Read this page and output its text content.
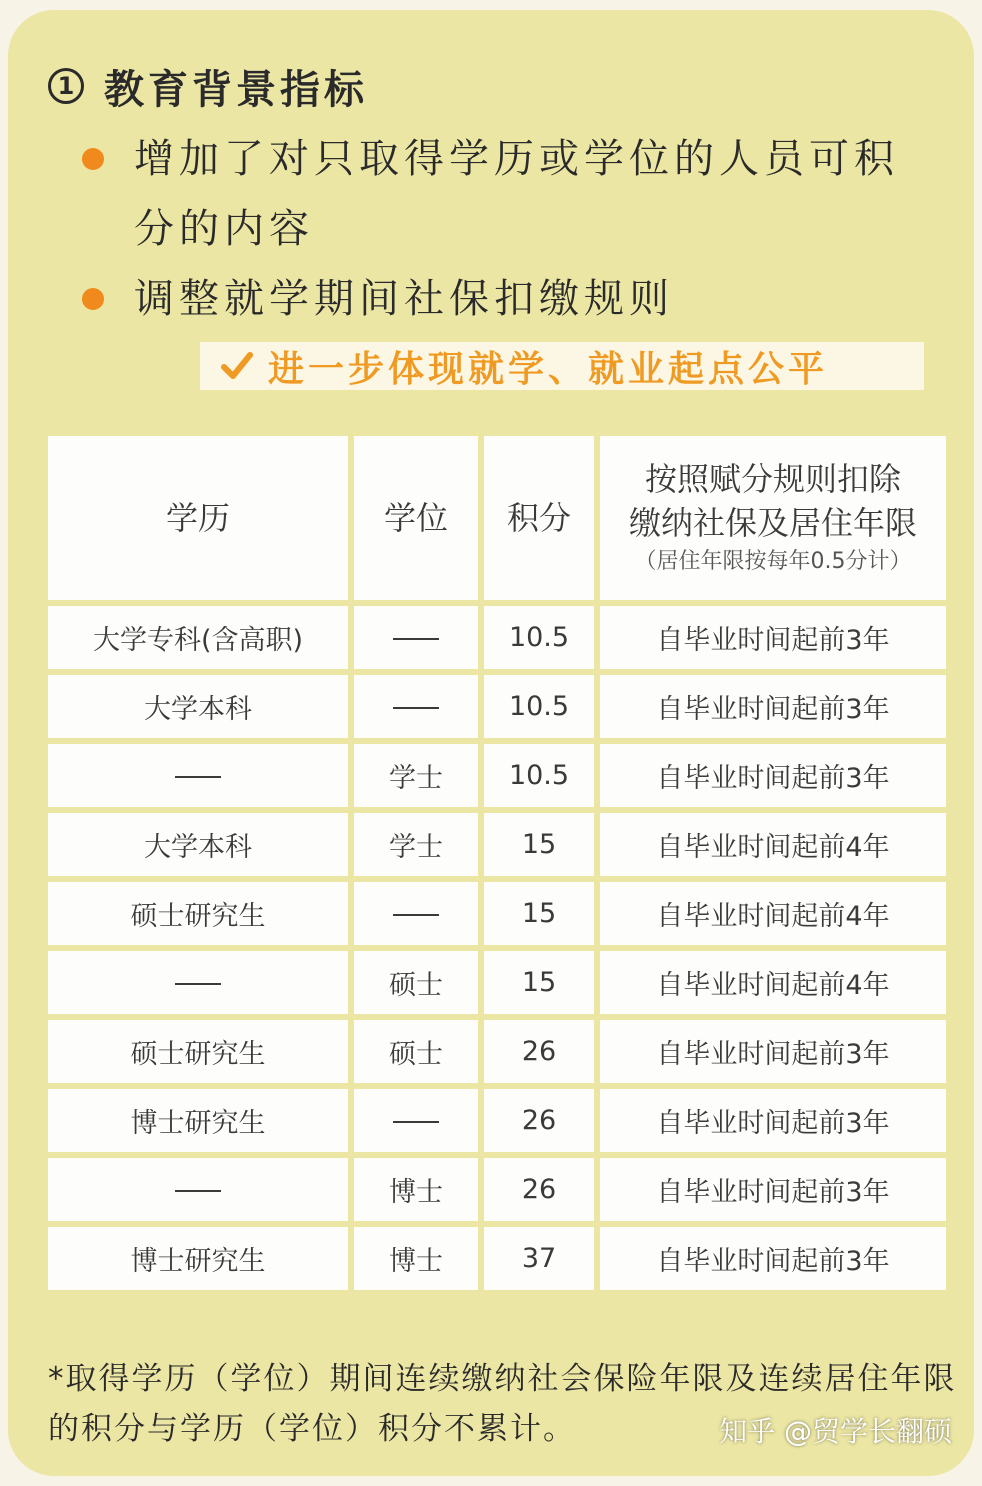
1 教育背景指标
增加了对只取得学历或学位的人员可积分的内容
调整就学期间社保扣缴规则
进一步体现就学、就业起点公平
学历	学位	积分	按照赋分规则扣除
缴纳社保及居住年限
（居住年限按每年0.5分计）

大学专科(含高职)		10.5	自毕业时间起前3年
大学本科		10.5	自毕业时间起前3年
	学士	10.5	自毕业时间起前3年
大学本科	学士	15	自毕业时间起前4年
硕士研究生		15	自毕业时间起前4年
	硕士	15	自毕业时间起前4年
硕士研究生	硕士	26	自毕业时间起前3年
博士研究生		26	自毕业时间起前3年
	博士	26	自毕业时间起前3年
博士研究生	博士	37	自毕业时间起前3年
*取得学历（学位）期间连续缴纳社会保险年限及连续居住年限的积分与学历（学位）积分不累计。	知乎 @贸学长翻硕
